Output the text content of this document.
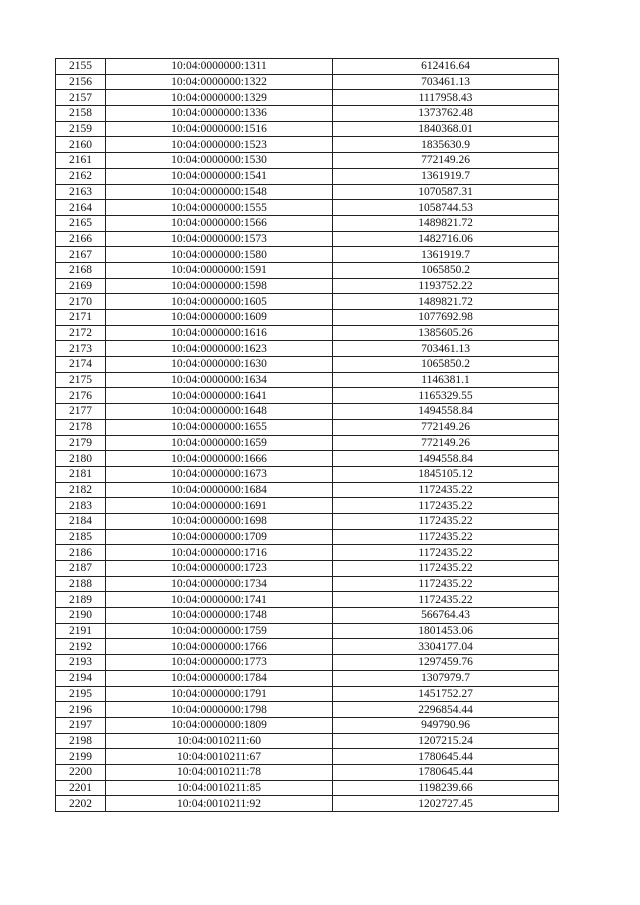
2155	10:04:0000000:1311	612416.64
2156	10:04:0000000:1322	703461.13
2157	10:04:0000000:1329	1117958.43
2158	10:04:0000000:1336	1373762.48
2159	10:04:0000000:1516	1840368.01
2160	10:04:0000000:1523	1835630.9
2161	10:04:0000000:1530	772149.26
2162	10:04:0000000:1541	1361919.7
2163	10:04:0000000:1548	1070587.31
2164	10:04:0000000:1555	1058744.53
2165	10:04:0000000:1566	1489821.72
2166	10:04:0000000:1573	1482716.06
2167	10:04:0000000:1580	1361919.7
2168	10:04:0000000:1591	1065850.2
2169	10:04:0000000:1598	1193752.22
2170	10:04:0000000:1605	1489821.72
2171	10:04:0000000:1609	1077692.98
2172	10:04:0000000:1616	1385605.26
2173	10:04:0000000:1623	703461.13
2174	10:04:0000000:1630	1065850.2
2175	10:04:0000000:1634	1146381.1
2176	10:04:0000000:1641	1165329.55
2177	10:04:0000000:1648	1494558.84
2178	10:04:0000000:1655	772149.26
2179	10:04:0000000:1659	772149.26
2180	10:04:0000000:1666	1494558.84
2181	10:04:0000000:1673	1845105.12
2182	10:04:0000000:1684	1172435.22
2183	10:04:0000000:1691	1172435.22
2184	10:04:0000000:1698	1172435.22
2185	10:04:0000000:1709	1172435.22
2186	10:04:0000000:1716	1172435.22
2187	10:04:0000000:1723	1172435.22
2188	10:04:0000000:1734	1172435.22
2189	10:04:0000000:1741	1172435.22
2190	10:04:0000000:1748	566764.43
2191	10:04:0000000:1759	1801453.06
2192	10:04:0000000:1766	3304177.04
2193	10:04:0000000:1773	1297459.76
2194	10:04:0000000:1784	1307979.7
2195	10:04:0000000:1791	1451752.27
2196	10:04:0000000:1798	2296854.44
2197	10:04:0000000:1809	949790.96
2198	10:04:0010211:60	1207215.24
2199	10:04:0010211:67	1780645.44
2200	10:04:0010211:78	1780645.44
2201	10:04:0010211:85	1198239.66
2202	10:04:0010211:92	1202727.45
